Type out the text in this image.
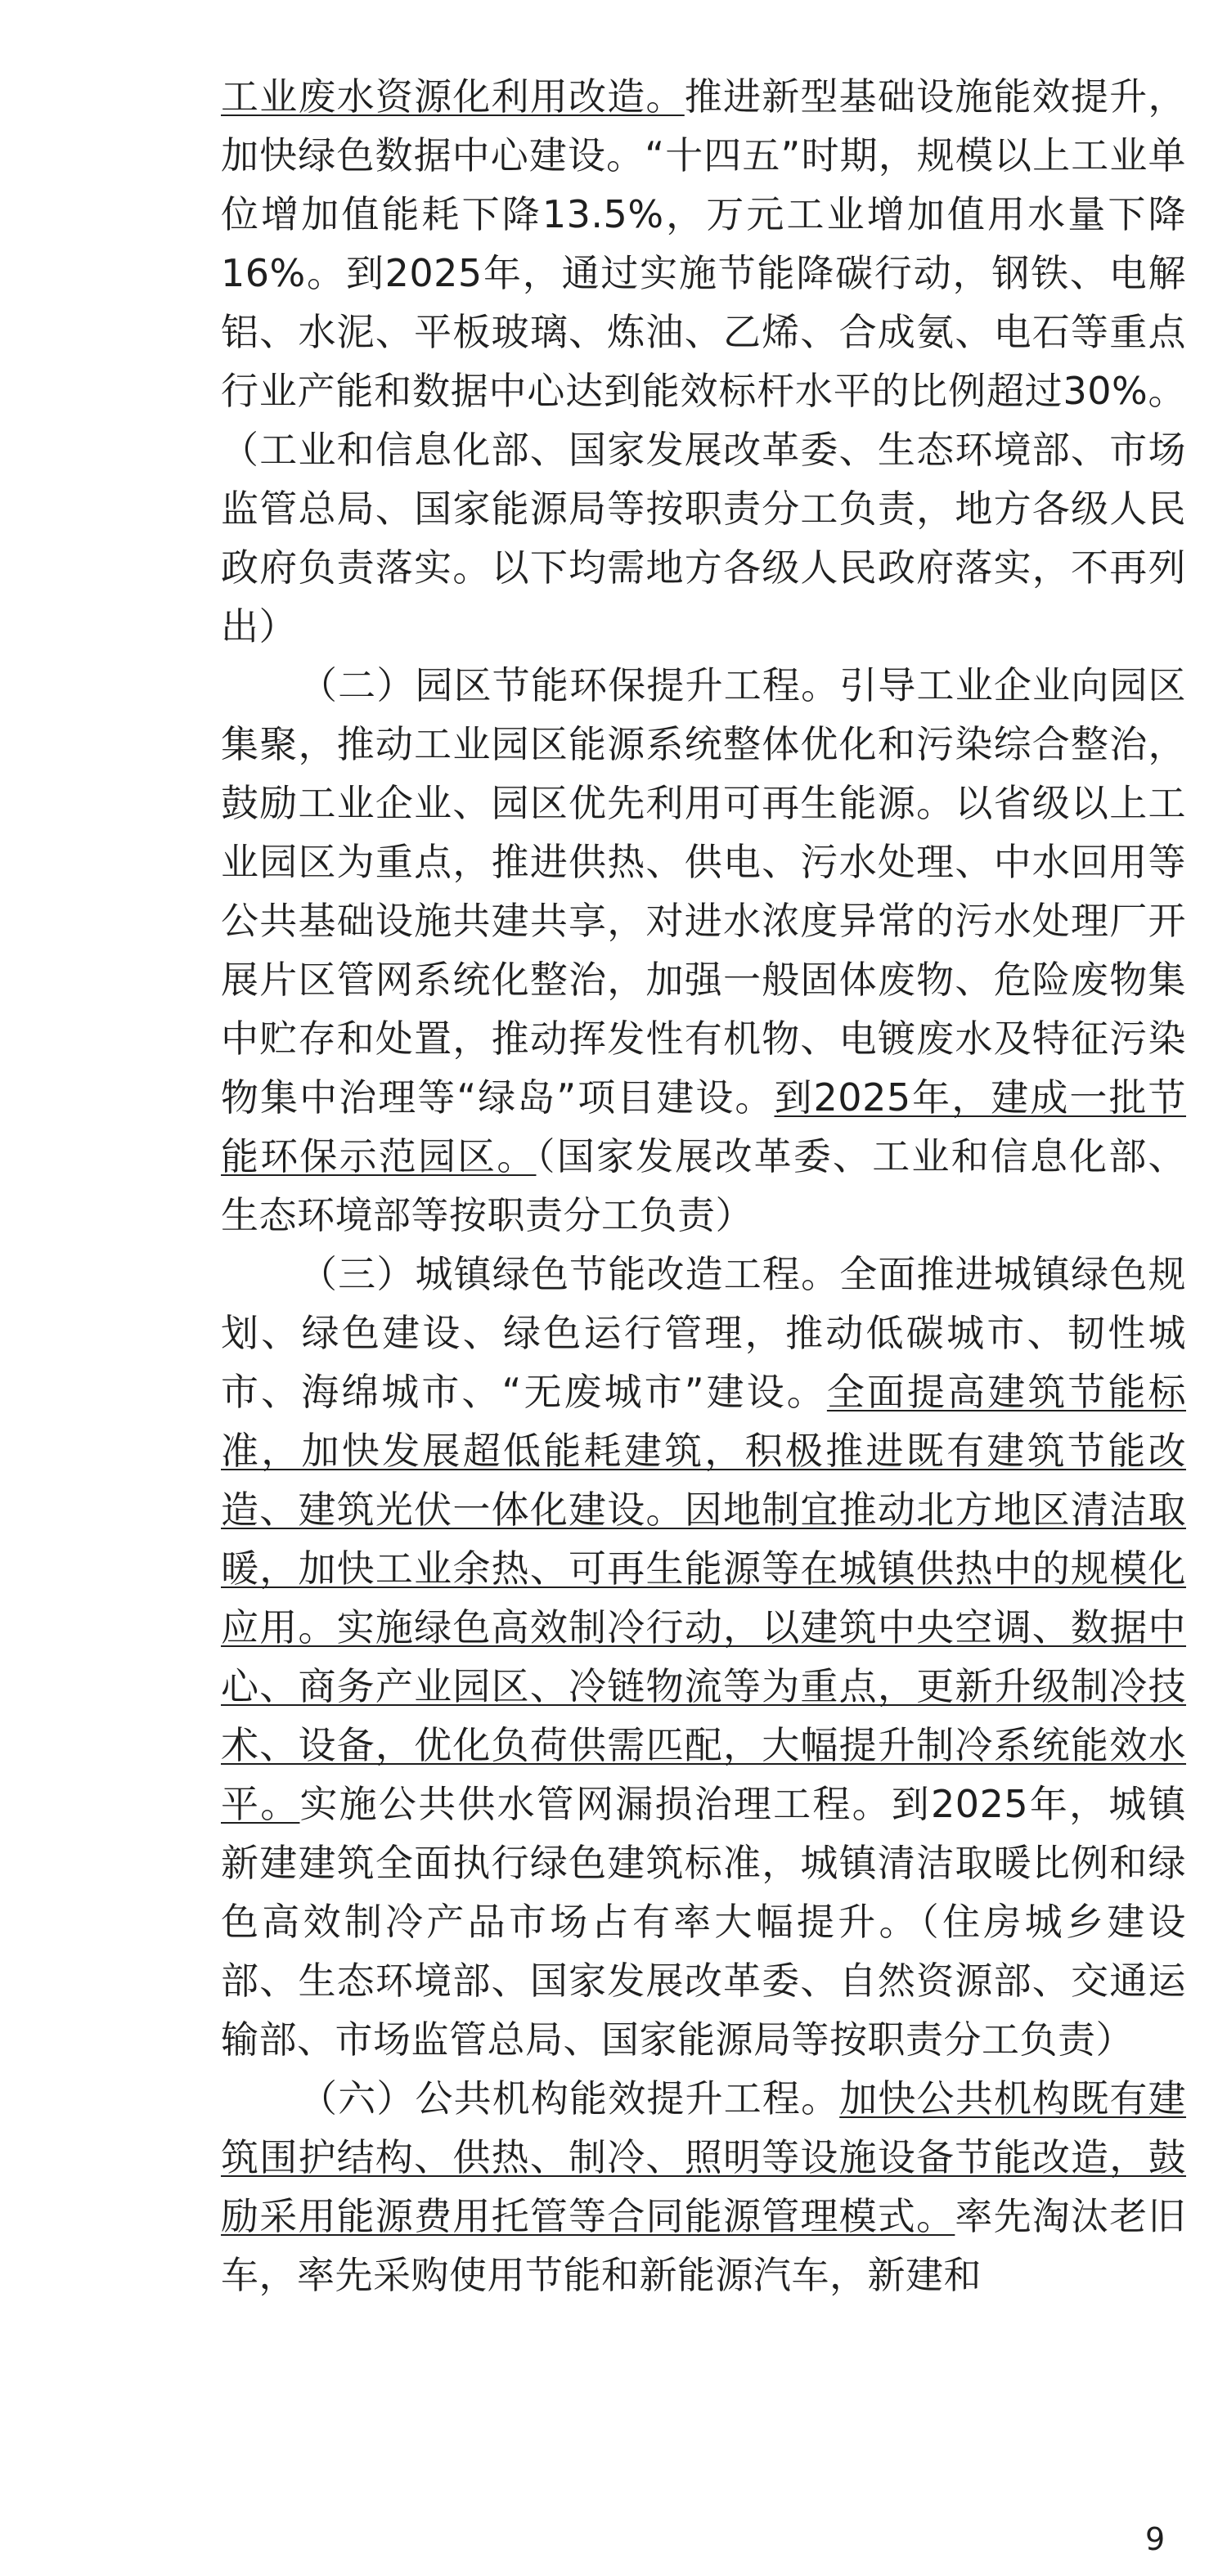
工业废水资源化利用改造。推进新型基础设施能效提升，加快绿色数据中心建设。“十四五”时期，规模以上工业单位增加值能耗下降13.5%，万元工业增加值用水量下降16%。到2025年，通过实施节能降碳行动，钢铁、电解铝、水泥、平板玻璃、炼油、乙烯、合成氨、电石等重点行业产能和数据中心达到能效标杆水平的比例超过30%。（工业和信息化部、国家发展改革委、生态环境部、市场监管总局、国家能源局等按职责分工负责，地方各级人民政府负责落实。以下均需地方各级人民政府落实，不再列出）

（二）园区节能环保提升工程。引导工业企业向园区集聚，推动工业园区能源系统整体优化和污染综合整治，鼓励工业企业、园区优先利用可再生能源。以省级以上工业园区为重点，推进供热、供电、污水处理、中水回用等公共基础设施共建共享，对进水浓度异常的污水处理厂开展片区管网系统化整治，加强一般固体废物、危险废物集中贮存和处置，推动挥发性有机物、电镀废水及特征污染物集中治理等“绿岛”项目建设。到2025年，建成一批节能环保示范园区。（国家发展改革委、工业和信息化部、生态环境部等按职责分工负责）

（三）城镇绿色节能改造工程。全面推进城镇绿色规划、绿色建设、绿色运行管理，推动低碳城市、韧性城市、海绵城市、“无废城市”建设。全面提高建筑节能标准，加快发展超低能耗建筑，积极推进既有建筑节能改造、建筑光伏一体化建设。因地制宜推动北方地区清洁取暖，加快工业余热、可再生能源等在城镇供热中的规模化应用。实施绿色高效制冷行动，以建筑中央空调、数据中心、商务产业园区、冷链物流等为重点，更新升级制冷技术、设备，优化负荷供需匹配，大幅提升制冷系统能效水平。实施公共供水管网漏损治理工程。到2025年，城镇新建建筑全面执行绿色建筑标准，城镇清洁取暖比例和绿色高效制冷产品市场占有率大幅提升。（住房城乡建设部、生态环境部、国家发展改革委、自然资源部、交通运输部、市场监管总局、国家能源局等按职责分工负责）

（六）公共机构能效提升工程。加快公共机构既有建筑围护结构、供热、制冷、照明等设施设备节能改造，鼓励采用能源费用托管等合同能源管理模式。率先淘汰老旧车，率先采购使用节能和新能源汽车，新建和

9
